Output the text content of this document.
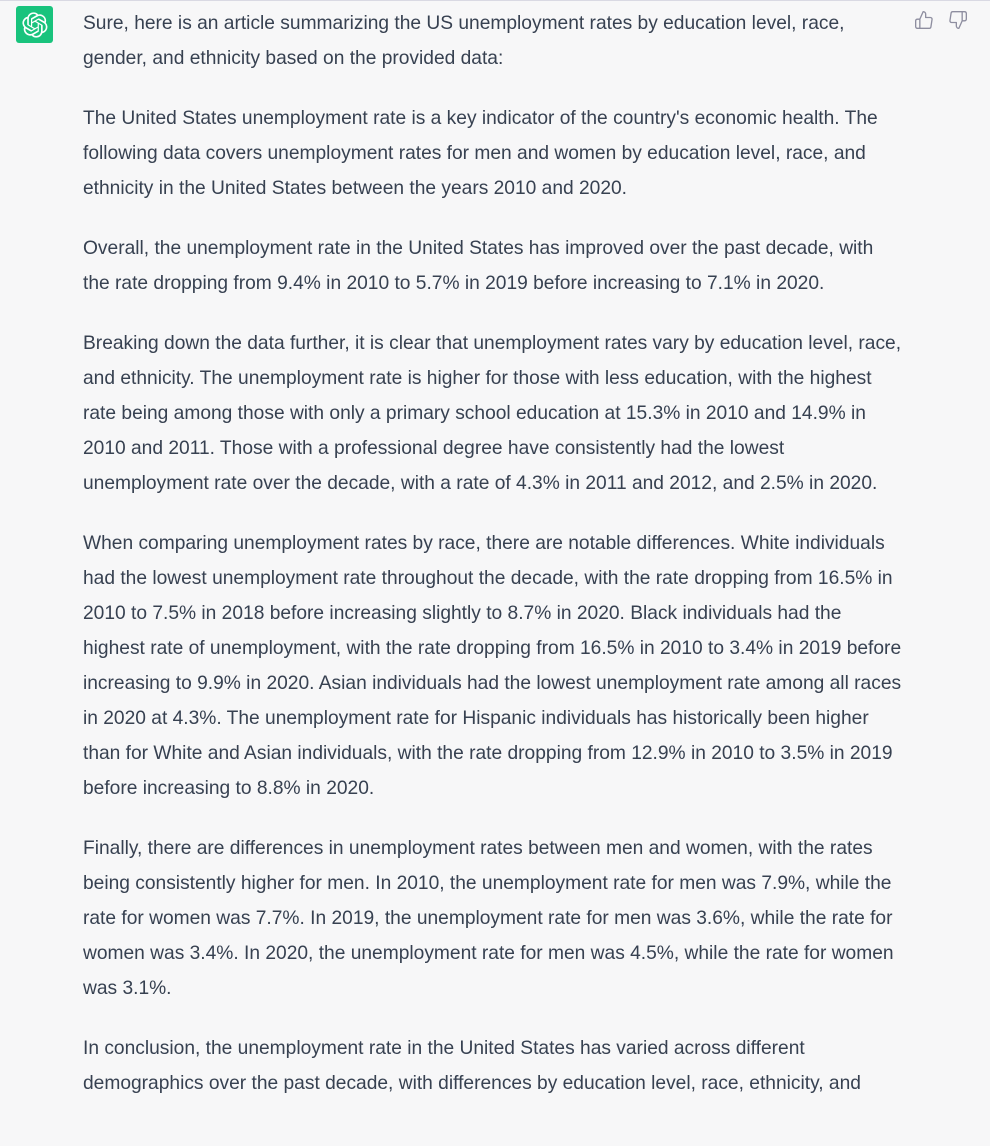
Sure, here is an article summarizing the US unemployment rates by education level, race, gender, and ethnicity based on the provided data:

The United States unemployment rate is a key indicator of the country's economic health. The following data covers unemployment rates for men and women by education level, race, and ethnicity in the United States between the years 2010 and 2020.

Overall, the unemployment rate in the United States has improved over the past decade, with the rate dropping from 9.4% in 2010 to 5.7% in 2019 before increasing to 7.1% in 2020.

Breaking down the data further, it is clear that unemployment rates vary by education level, race, and ethnicity. The unemployment rate is higher for those with less education, with the highest rate being among those with only a primary school education at 15.3% in 2010 and 14.9% in 2010 and 2011. Those with a professional degree have consistently had the lowest unemployment rate over the decade, with a rate of 4.3% in 2011 and 2012, and 2.5% in 2020.

When comparing unemployment rates by race, there are notable differences. White individuals had the lowest unemployment rate throughout the decade, with the rate dropping from 16.5% in 2010 to 7.5% in 2018 before increasing slightly to 8.7% in 2020. Black individuals had the highest rate of unemployment, with the rate dropping from 16.5% in 2010 to 3.4% in 2019 before increasing to 9.9% in 2020. Asian individuals had the lowest unemployment rate among all races in 2020 at 4.3%. The unemployment rate for Hispanic individuals has historically been higher than for White and Asian individuals, with the rate dropping from 12.9% in 2010 to 3.5% in 2019 before increasing to 8.8% in 2020.

Finally, there are differences in unemployment rates between men and women, with the rates being consistently higher for men. In 2010, the unemployment rate for men was 7.9%, while the rate for women was 7.7%. In 2019, the unemployment rate for men was 3.6%, while the rate for women was 3.4%. In 2020, the unemployment rate for men was 4.5%, while the rate for women was 3.1%.

In conclusion, the unemployment rate in the United States has varied across different demographics over the past decade, with differences by education level, race, ethnicity, and
